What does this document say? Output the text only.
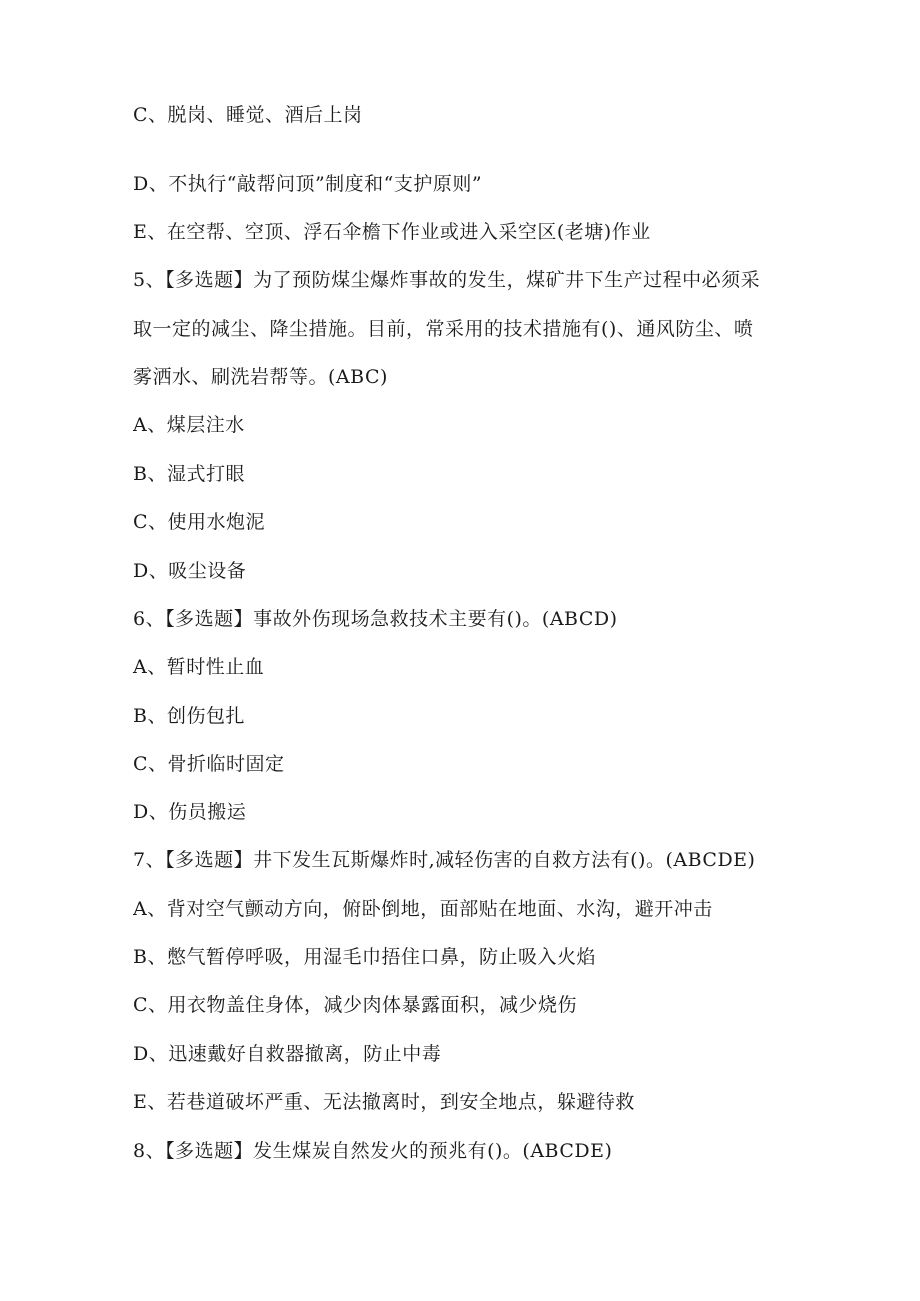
C、脱岗、睡觉、酒后上岗
D、不执行“敲帮问顶”制度和“支护原则”
E、在空帮、空顶、浮石伞檐下作业或进入采空区(老塘)作业
5、【多选题】为了预防煤尘爆炸事故的发生，煤矿井下生产过程中必须采
取一定的减尘、降尘措施。目前，常采用的技术措施有()、通风防尘、喷
雾洒水、刷洗岩帮等。(ABC)
A、煤层注水
B、湿式打眼
C、使用水炮泥
D、吸尘设备
6、【多选题】事故外伤现场急救技术主要有()。(ABCD)
A、暂时性止血
B、创伤包扎
C、骨折临时固定
D、伤员搬运
7、【多选题】井下发生瓦斯爆炸时,减轻伤害的自救方法有()。(ABCDE)
A、背对空气颤动方向，俯卧倒地，面部贴在地面、水沟，避开冲击
B、憋气暂停呼吸，用湿毛巾捂住口鼻，防止吸入火焰
C、用衣物盖住身体，减少肉体暴露面积，减少烧伤
D、迅速戴好自救器撤离，防止中毒
E、若巷道破坏严重、无法撤离时，到安全地点，躲避待救
8、【多选题】发生煤炭自然发火的预兆有()。(ABCDE)
